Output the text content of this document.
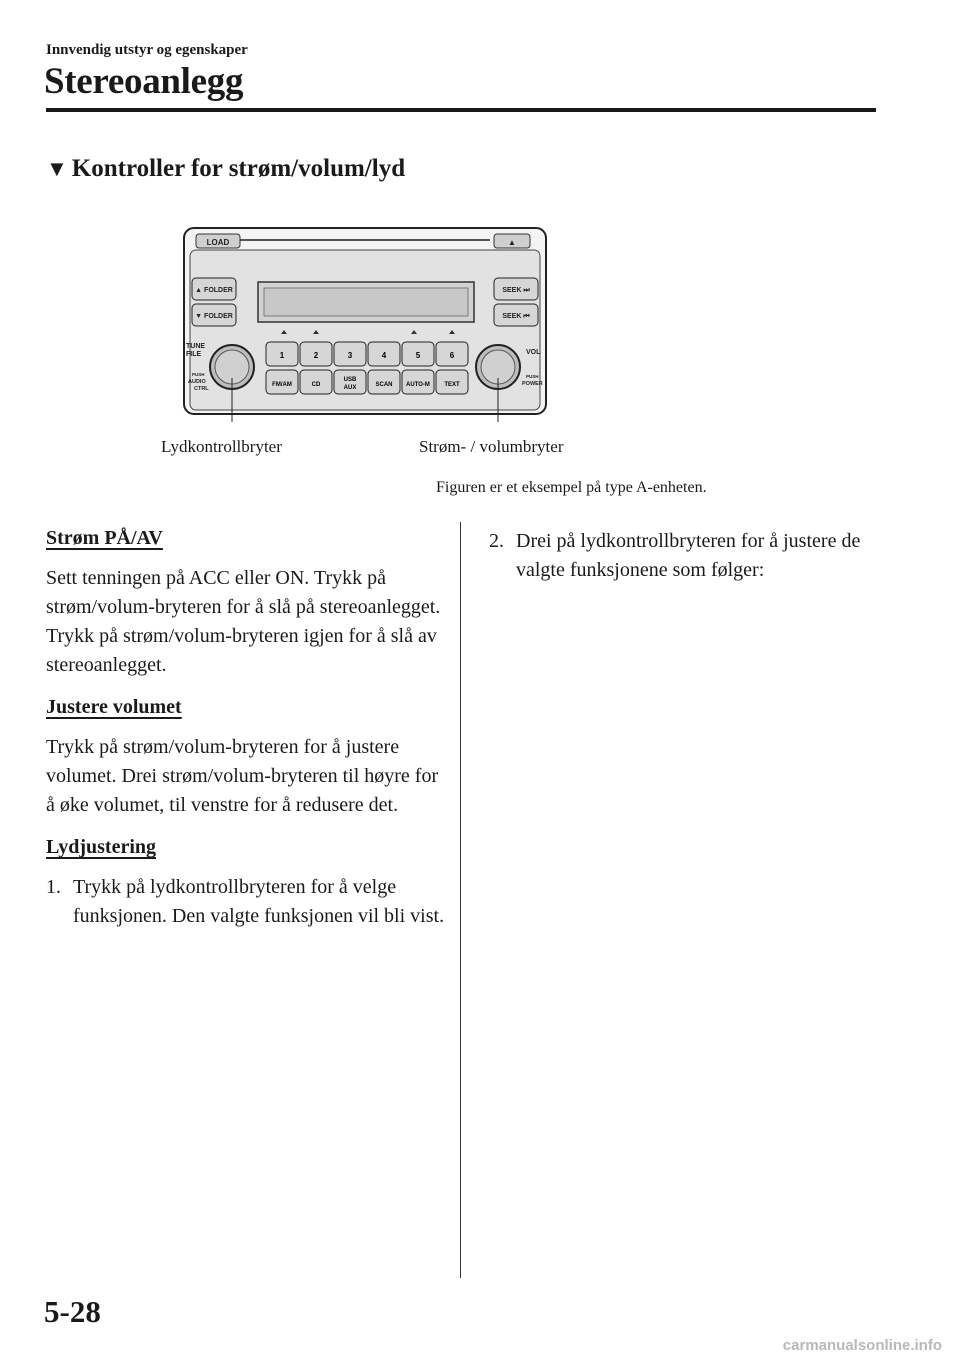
Innvendig utstyr og egenskaper
Stereoanlegg
▼ Kontroller for strøm/volum/lyd
LOAD	▲
▲ FOLDER
▼ FOLDER
SEEK ⏭
SEEK ⏮
1	2	3	4	5	6
FM/AM	CD
USB
AUX	SCAN AUTO-M TEXT
TUNE
FILE
PUSH
AUDIO
CTRL
VOL
PUSH
POWER
Lydkontrollbryter	Strøm- / volumbryter
Figuren er et eksempel på type A-enheten.
Strøm PÅ/AV

Sett tenningen på ACC eller ON. Trykk på strøm/volum-bryteren for å slå på stereoanlegget. Trykk på strøm/volum-bryteren igjen for å slå av stereoanlegget.

Justere volumet

Trykk på strøm/volum-bryteren for å justere volumet. Drei strøm/volum-bryteren til høyre for å øke volumet, til venstre for å redusere det.

Lydjustering
1. Trykk på lydkontrollbryteren for å velge funksjonen. Den valgte funksjonen vil bli vist.
2. Drei på lydkontrollbryteren for å justere de valgte funksjonene som følger:
5-28
carmanualsonline.info
